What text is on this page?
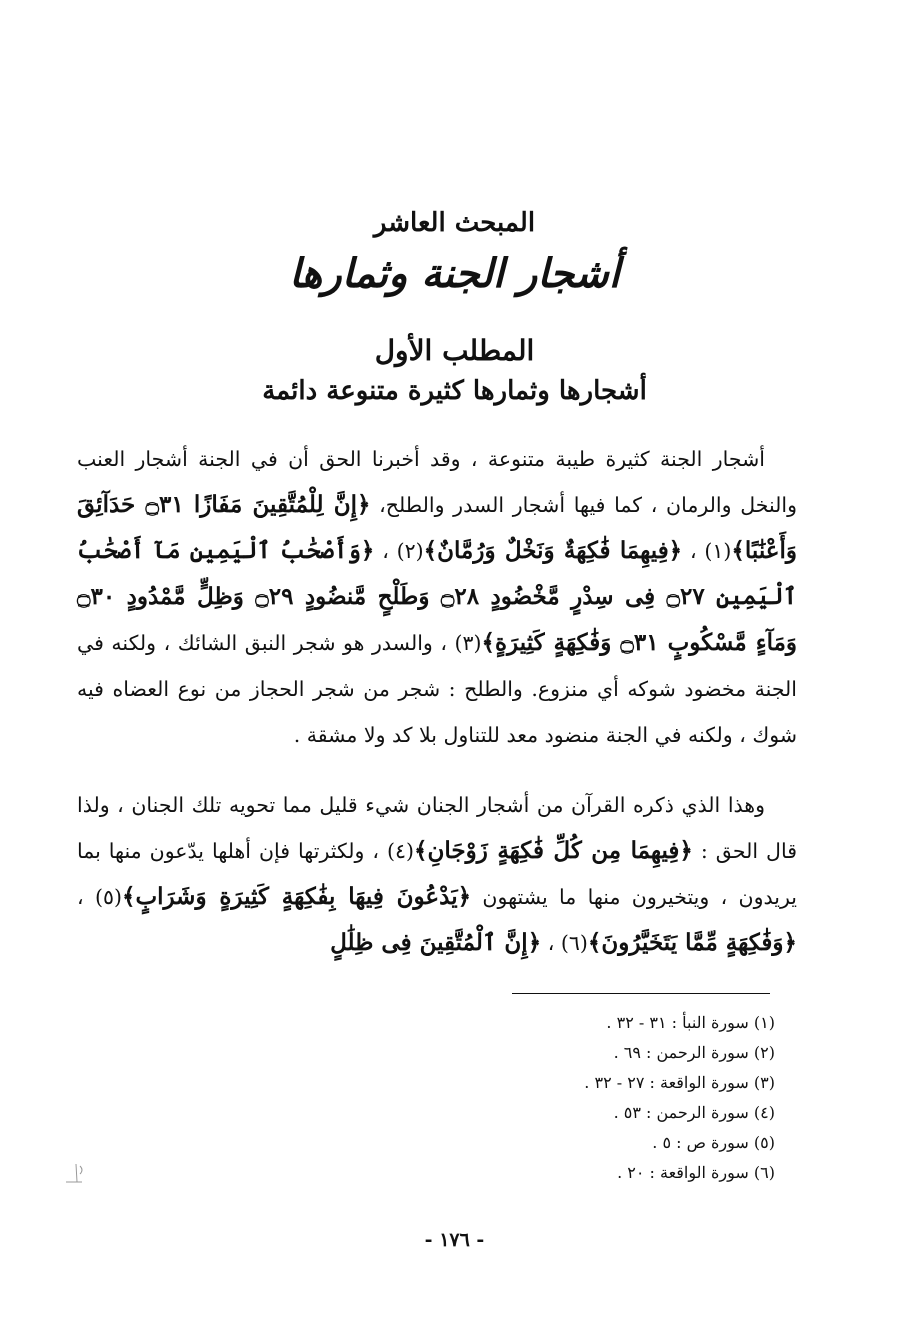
المبحث العاشر
أشجار الجنة وثمارها
المطلب الأول
أشجارها وثمارها كثيرة متنوعة دائمة

أشجار الجنة كثيرة طيبة متنوعة ، وقد أخبرنا الحق أن في الجنة أشجار العنب والنخل والرمان ، كما فيها أشجار السدر والطلح، ﴿إِنَّ لِلْمُتَّقِينَ مَفَازًا ۝٣١ حَدَآئِقَ وَأَعْنَٰبًا﴾(١) ، ﴿فِيهِمَا فَٰكِهَةٌ وَنَخْلٌ وَرُمَّانٌ﴾(٢) ، ﴿وَأَصْحَٰبُ ٱلْيَمِينِ مَآ أَصْحَٰبُ ٱلْيَمِينِ ۝٢٧ فِى سِدْرٍ مَّخْضُودٍ ۝٢٨ وَطَلْحٍ مَّنضُودٍ ۝٢٩ وَظِلٍّ مَّمْدُودٍ ۝٣٠ وَمَآءٍ مَّسْكُوبٍ ۝٣١ وَفَٰكِهَةٍ كَثِيرَةٍ﴾(٣) ، والسدر هو شجر النبق الشائك ، ولكنه في الجنة مخضود شوكه أي منزوع. والطلح : شجر من شجر الحجاز من نوع العضاه فيه شوك ، ولكنه في الجنة منضود معد للتناول بلا كد ولا مشقة .

وهذا الذي ذكره القرآن من أشجار الجنان شيء قليل مما تحويه تلك الجنان ، ولذا قال الحق : ﴿فِيهِمَا مِن كُلِّ فَٰكِهَةٍ زَوْجَانِ﴾(٤) ، ولكثرتها فإن أهلها يدّعون منها بما يريدون ، ويتخيرون منها ما يشتهون ﴿يَدْعُونَ فِيهَا بِفَٰكِهَةٍ كَثِيرَةٍ وَشَرَابٍ﴾(٥) ، ﴿وَفَٰكِهَةٍ مِّمَّا يَتَخَيَّرُونَ﴾(٦) ، ﴿إِنَّ ٱلْمُتَّقِينَ فِى ظِلَٰلٍ

(١) سورة النبأ : ٣١ - ٣٢ .
(٢) سورة الرحمن : ٦٩ .
(٣) سورة الواقعة : ٢٧ - ٣٢ .
(٤) سورة الرحمن : ٥٣ .
(٥) سورة ص : ٥ .
(٦) سورة الواقعة : ٢٠ .
- ١٧٦ -
